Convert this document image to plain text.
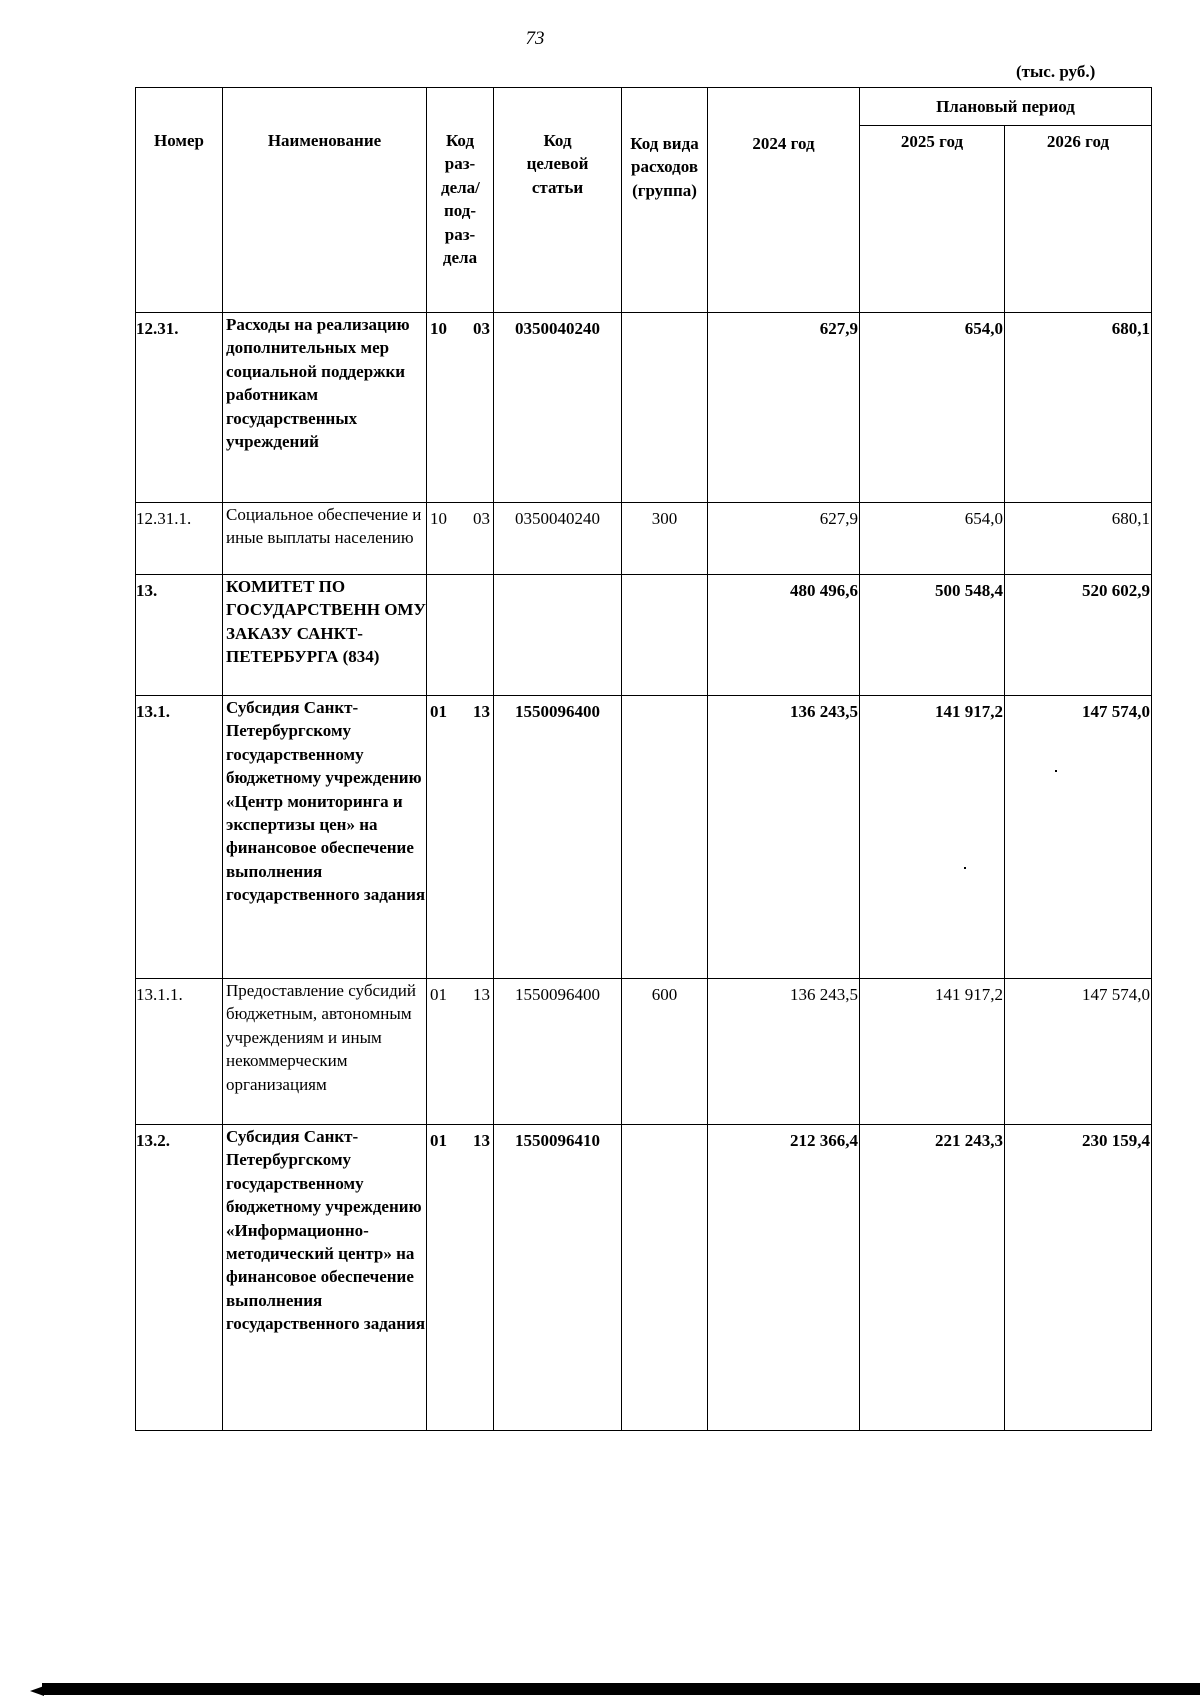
73
(тыс. руб.)
Номер	Наименование	Код раз- дела/ под- раз- дела	Код целевой статьи	Код вида расходов (группа)	2024 год	Плановый период	
						2025 год	2026 год
12.31.	Расходы на реализацию дополнительных мер социальной поддержки работникам государственных учреждений	10 03	0350040240		627,9	654,0	680,1
12.31.1.	Социальное обеспечение и иные выплаты населению	10 03	0350040240	300	627,9	654,0	680,1
13.	КОМИТЕТ ПО ГОСУДАРСТВЕНН ОМУ ЗАКАЗУ САНКТ- ПЕТЕРБУРГА (834)				480 496,6	500 548,4	520 602,9
13.1.	Субсидия Санкт-Петербургскому государственному бюджетному учреждению «Центр мониторинга и экспертизы цен» на финансовое обеспечение выполнения государственного задания	01 13	1550096400		136 243,5	141 917,2	147 574,0
13.1.1.	Предоставление субсидий бюджетным, автономным учреждениям и иным некоммерческим организациям	01 13	1550096400	600	136 243,5	141 917,2	147 574,0
13.2.	Субсидия Санкт-Петербургскому государственному бюджетному учреждению «Информационно-методический центр» на финансовое обеспечение выполнения государственного задания	01 13	1550096410		212 366,4	221 243,3	230 159,4
